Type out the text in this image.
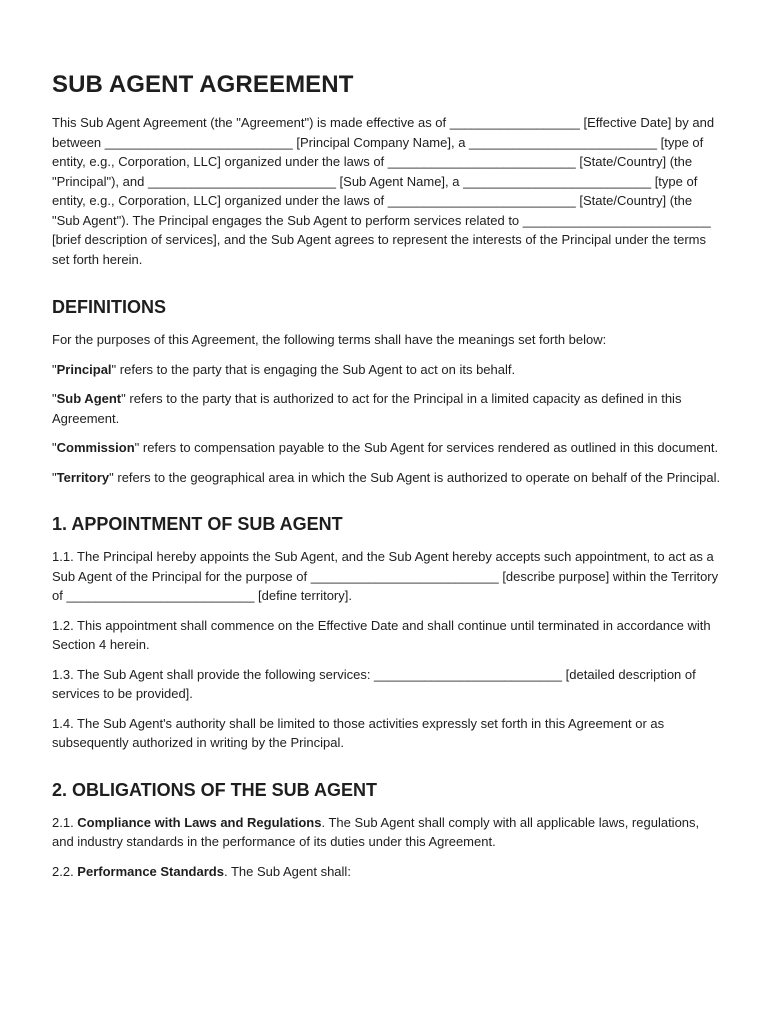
SUB AGENT AGREEMENT

This Sub Agent Agreement (the "Agreement") is made effective as of __________________ [Effective Date] by and between __________________________ [Principal Company Name], a __________________________ [type of entity, e.g., Corporation, LLC] organized under the laws of __________________________ [State/Country] (the "Principal"), and __________________________ [Sub Agent Name], a __________________________ [type of entity, e.g., Corporation, LLC] organized under the laws of __________________________ [State/Country] (the "Sub Agent"). The Principal engages the Sub Agent to perform services related to __________________________ [brief description of services], and the Sub Agent agrees to represent the interests of the Principal under the terms set forth herein.

DEFINITIONS

For the purposes of this Agreement, the following terms shall have the meanings set forth below:

"Principal" refers to the party that is engaging the Sub Agent to act on its behalf.

"Sub Agent" refers to the party that is authorized to act for the Principal in a limited capacity as defined in this Agreement.

"Commission" refers to compensation payable to the Sub Agent for services rendered as outlined in this document.

"Territory" refers to the geographical area in which the Sub Agent is authorized to operate on behalf of the Principal.

1. APPOINTMENT OF SUB AGENT

1.1. The Principal hereby appoints the Sub Agent, and the Sub Agent hereby accepts such appointment, to act as a Sub Agent of the Principal for the purpose of __________________________ [describe purpose] within the Territory of __________________________ [define territory].

1.2. This appointment shall commence on the Effective Date and shall continue until terminated in accordance with Section 4 herein.

1.3. The Sub Agent shall provide the following services: __________________________ [detailed description of services to be provided].

1.4. The Sub Agent's authority shall be limited to those activities expressly set forth in this Agreement or as subsequently authorized in writing by the Principal.

2. OBLIGATIONS OF THE SUB AGENT

2.1. Compliance with Laws and Regulations. The Sub Agent shall comply with all applicable laws, regulations, and industry standards in the performance of its duties under this Agreement.

2.2. Performance Standards. The Sub Agent shall:
